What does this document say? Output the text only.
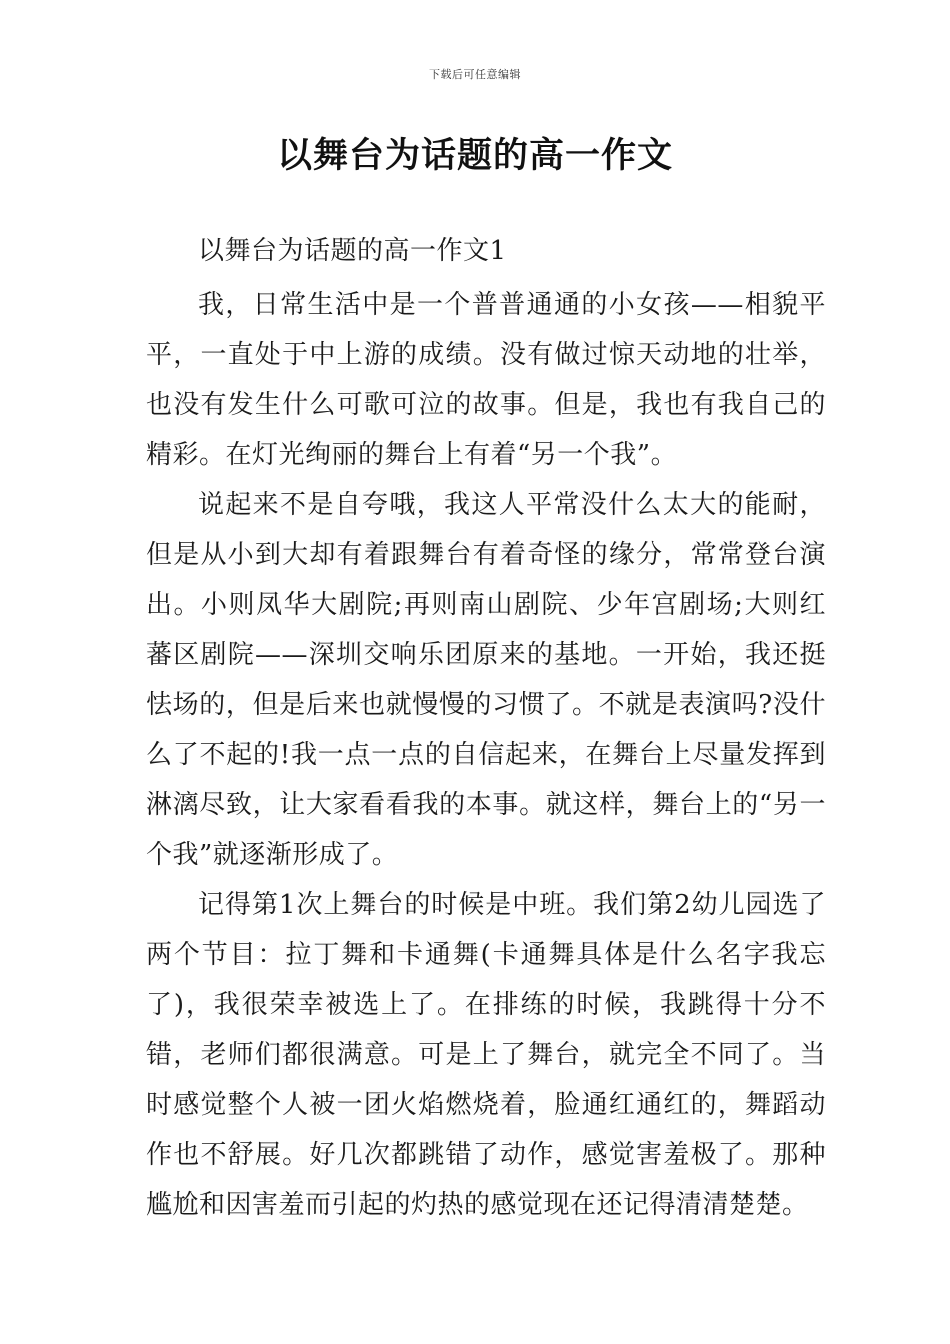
下载后可任意编辑
以舞台为话题的高一作文

以舞台为话题的高一作文1

我，日常生活中是一个普普通通的小女孩——相貌平平，一直处于中上游的成绩。没有做过惊天动地的壮举，也没有发生什么可歌可泣的故事。但是，我也有我自己的精彩。在灯光绚丽的舞台上有着“另一个我”。

说起来不是自夸哦，我这人平常没什么太大的能耐，但是从小到大却有着跟舞台有着奇怪的缘分，常常登台演出。小则凤华大剧院;再则南山剧院、少年宫剧场;大则红蕃区剧院——深圳交响乐团原来的基地。一开始，我还挺怯场的，但是后来也就慢慢的习惯了。不就是表演吗?没什么了不起的!我一点一点的自信起来，在舞台上尽量发挥到淋漓尽致，让大家看看我的本事。就这样，舞台上的“另一个我”就逐渐形成了。

记得第1次上舞台的时候是中班。我们第2幼儿园选了两个节目：拉丁舞和卡通舞(卡通舞具体是什么名字我忘了)，我很荣幸被选上了。在排练的时候，我跳得十分不错，老师们都很满意。可是上了舞台，就完全不同了。当时感觉整个人被一团火焰燃烧着，脸通红通红的，舞蹈动作也不舒展。好几次都跳错了动作，感觉害羞极了。那种尴尬和因害羞而引起的灼热的感觉现在还记得清清楚楚。
